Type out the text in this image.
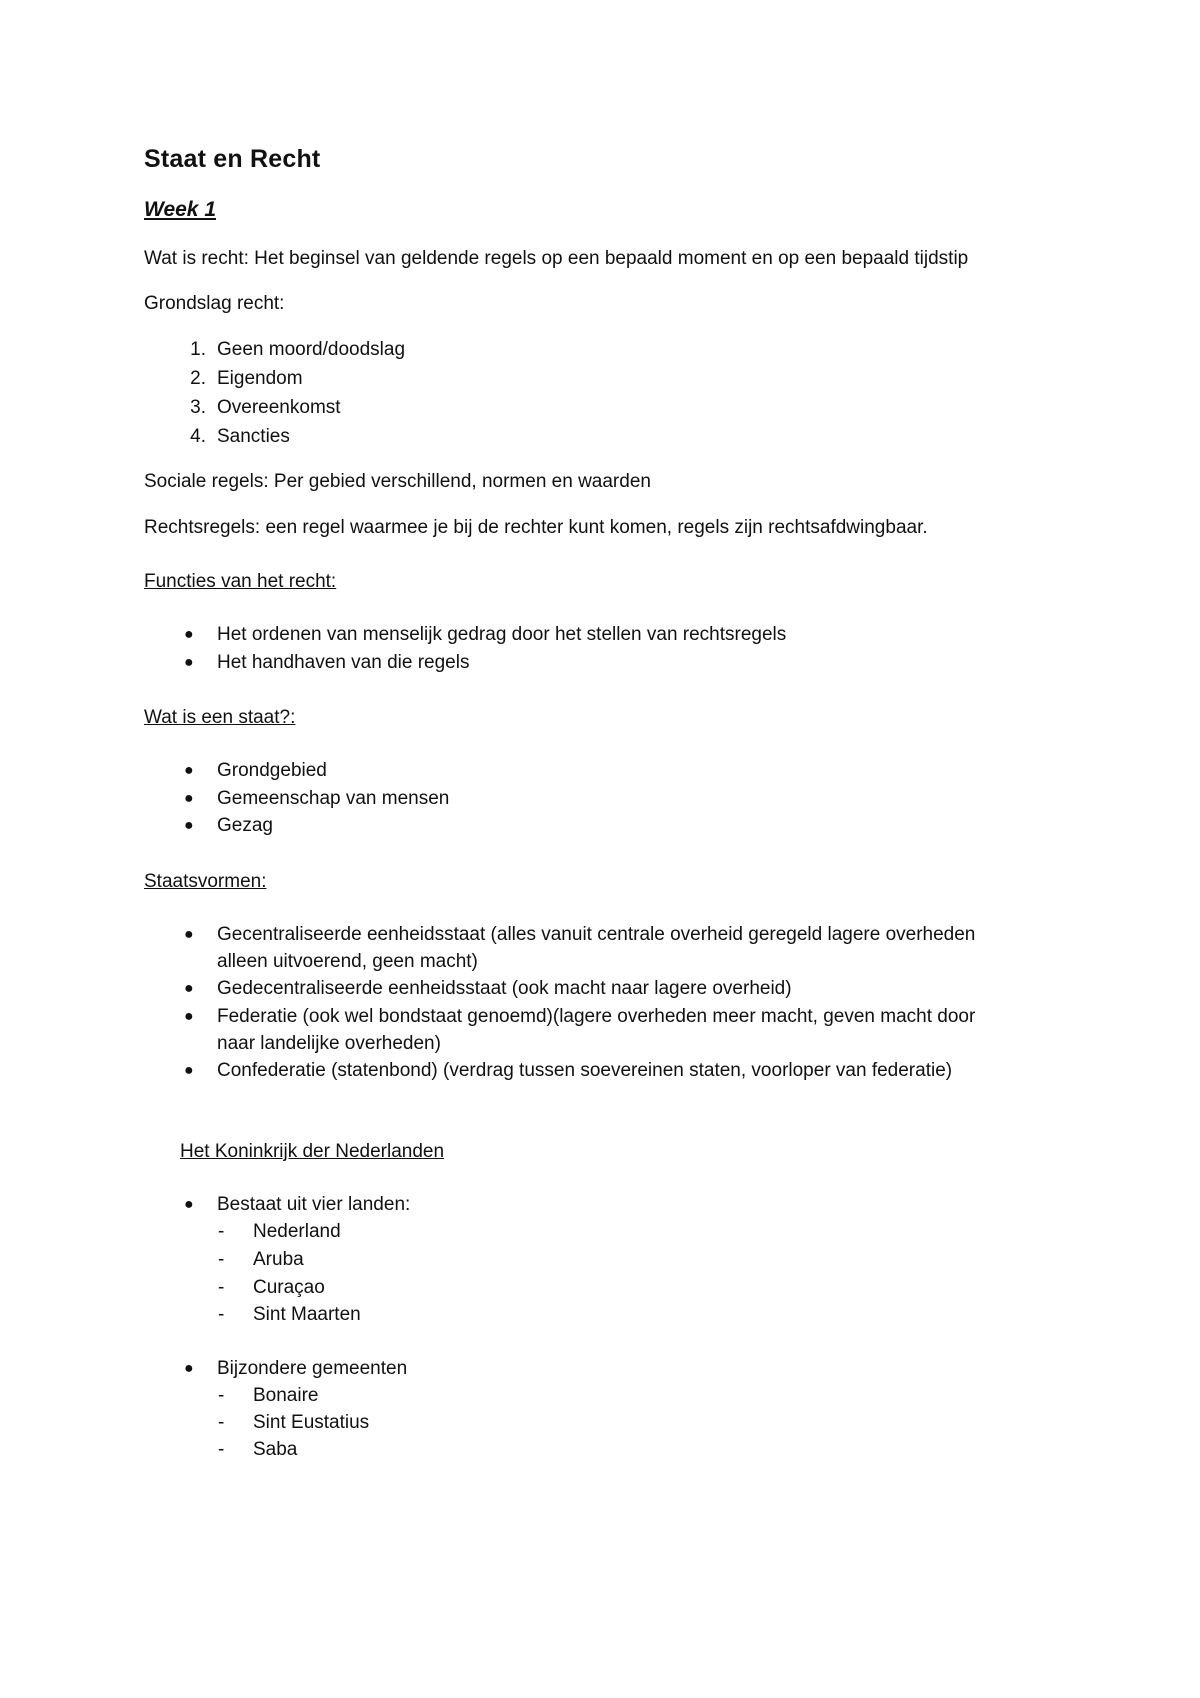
Staat en Recht
Week 1
Wat is recht: Het beginsel van geldende regels op een bepaald moment en op een bepaald tijdstip
Grondslag recht:
1. Geen moord/doodslag
2. Eigendom
3. Overeenkomst
4. Sancties
Sociale regels: Per gebied verschillend, normen en waarden
Rechtsregels: een regel waarmee je bij de rechter kunt komen, regels zijn rechtsafdwingbaar.
Functies van het recht:
● Het ordenen van menselijk gedrag door het stellen van rechtsregels
● Het handhaven van die regels
Wat is een staat?:
● Grondgebied
● Gemeenschap van mensen
● Gezag
Staatsvormen:
● Gecentraliseerde eenheidsstaat (alles vanuit centrale overheid geregeld lagere overheden
alleen uitvoerend, geen macht)
● Gedecentraliseerde eenheidsstaat (ook macht naar lagere overheid)
● Federatie (ook wel bondstaat genoemd)(lagere overheden meer macht, geven macht door
naar landelijke overheden)
● Confederatie (statenbond) (verdrag tussen soevereinen staten, voorloper van federatie)
Het Koninkrijk der Nederlanden
● Bestaat uit vier landen:
- Nederland
- Aruba
- Curaçao
- Sint Maarten
● Bijzondere gemeenten
- Bonaire
- Sint Eustatius
- Saba
